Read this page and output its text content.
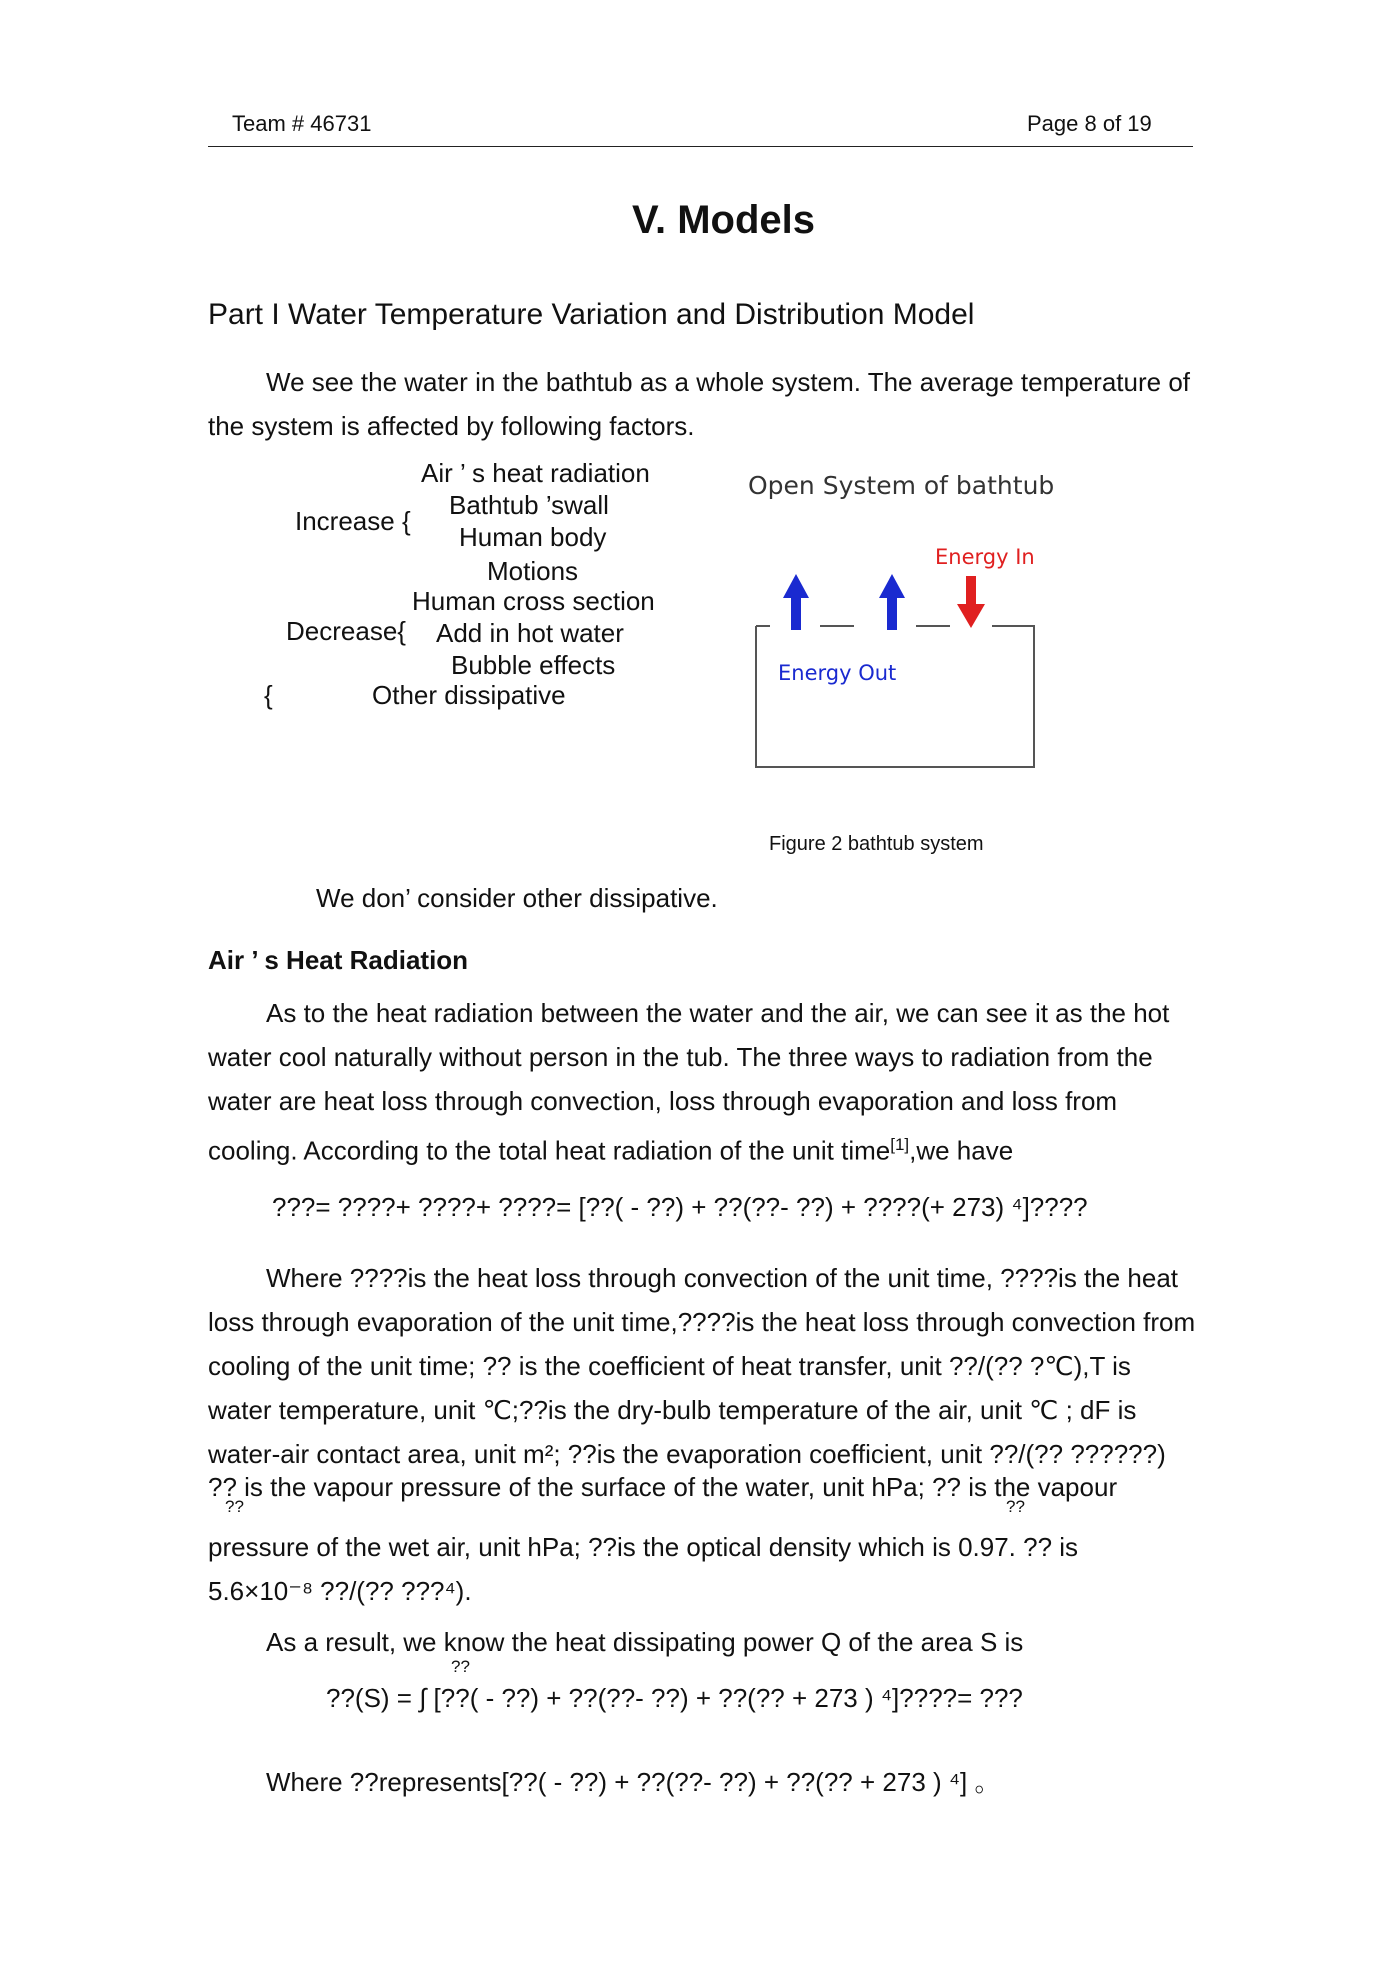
Team # 46731	Page 8 of 19
V. Models
Part I Water Temperature Variation and Distribution Model
We see the water in the bathtub as a whole system. The average temperature of
the system is affected by following factors.
Air ’ s heat radiation
Bathtub ’swall
Increase {
Human body
Motions
Human cross section
Decrease{ Add in hot water
Bubble effects
{	Other dissipative
Open System of bathtub
Energy In
Energy Out
Figure 2 bathtub system
We don’ consider other dissipative.
Air ’ s Heat Radiation
As to the heat radiation between the water and the air, we can see it as the hot
water cool naturally without person in the tub. The three ways to radiation from the
water are heat loss through convection, loss through evaporation and loss from
cooling. According to the total heat radiation of the unit time[1],we have
???= ????+ ????+ ????= [??( - ??) + ??(??- ??) + ????(+ 273) ⁴]????
Where ????is the heat loss through convection of the unit time, ????is the heat
loss through evaporation of the unit time,????is the heat loss through convection from
cooling of the unit time; ?? is the coefficient of heat transfer, unit ??/(?? ?℃),T is
water temperature, unit ℃;??is the dry-bulb temperature of the air, unit ℃ ; dF is
water-air contact area, unit m²; ??is the evaporation coefficient, unit ??/(?? ??????)
?? is the vapour pressure of the surface of the water, unit hPa; ?? is the vapour
??	??
pressure of the wet air, unit hPa; ??is the optical density which is 0.97. ?? is
5.6×10⁻⁸ ??/(?? ???⁴).
As a result, we know the heat dissipating power Q of the area S is
??
??(S) = ∫ [??( - ??) + ??(??- ??) + ??(?? + 273 ) ⁴]????= ???
Where ??represents[??( - ??) + ??(??- ??) + ??(?? + 273 ) ⁴] 。
